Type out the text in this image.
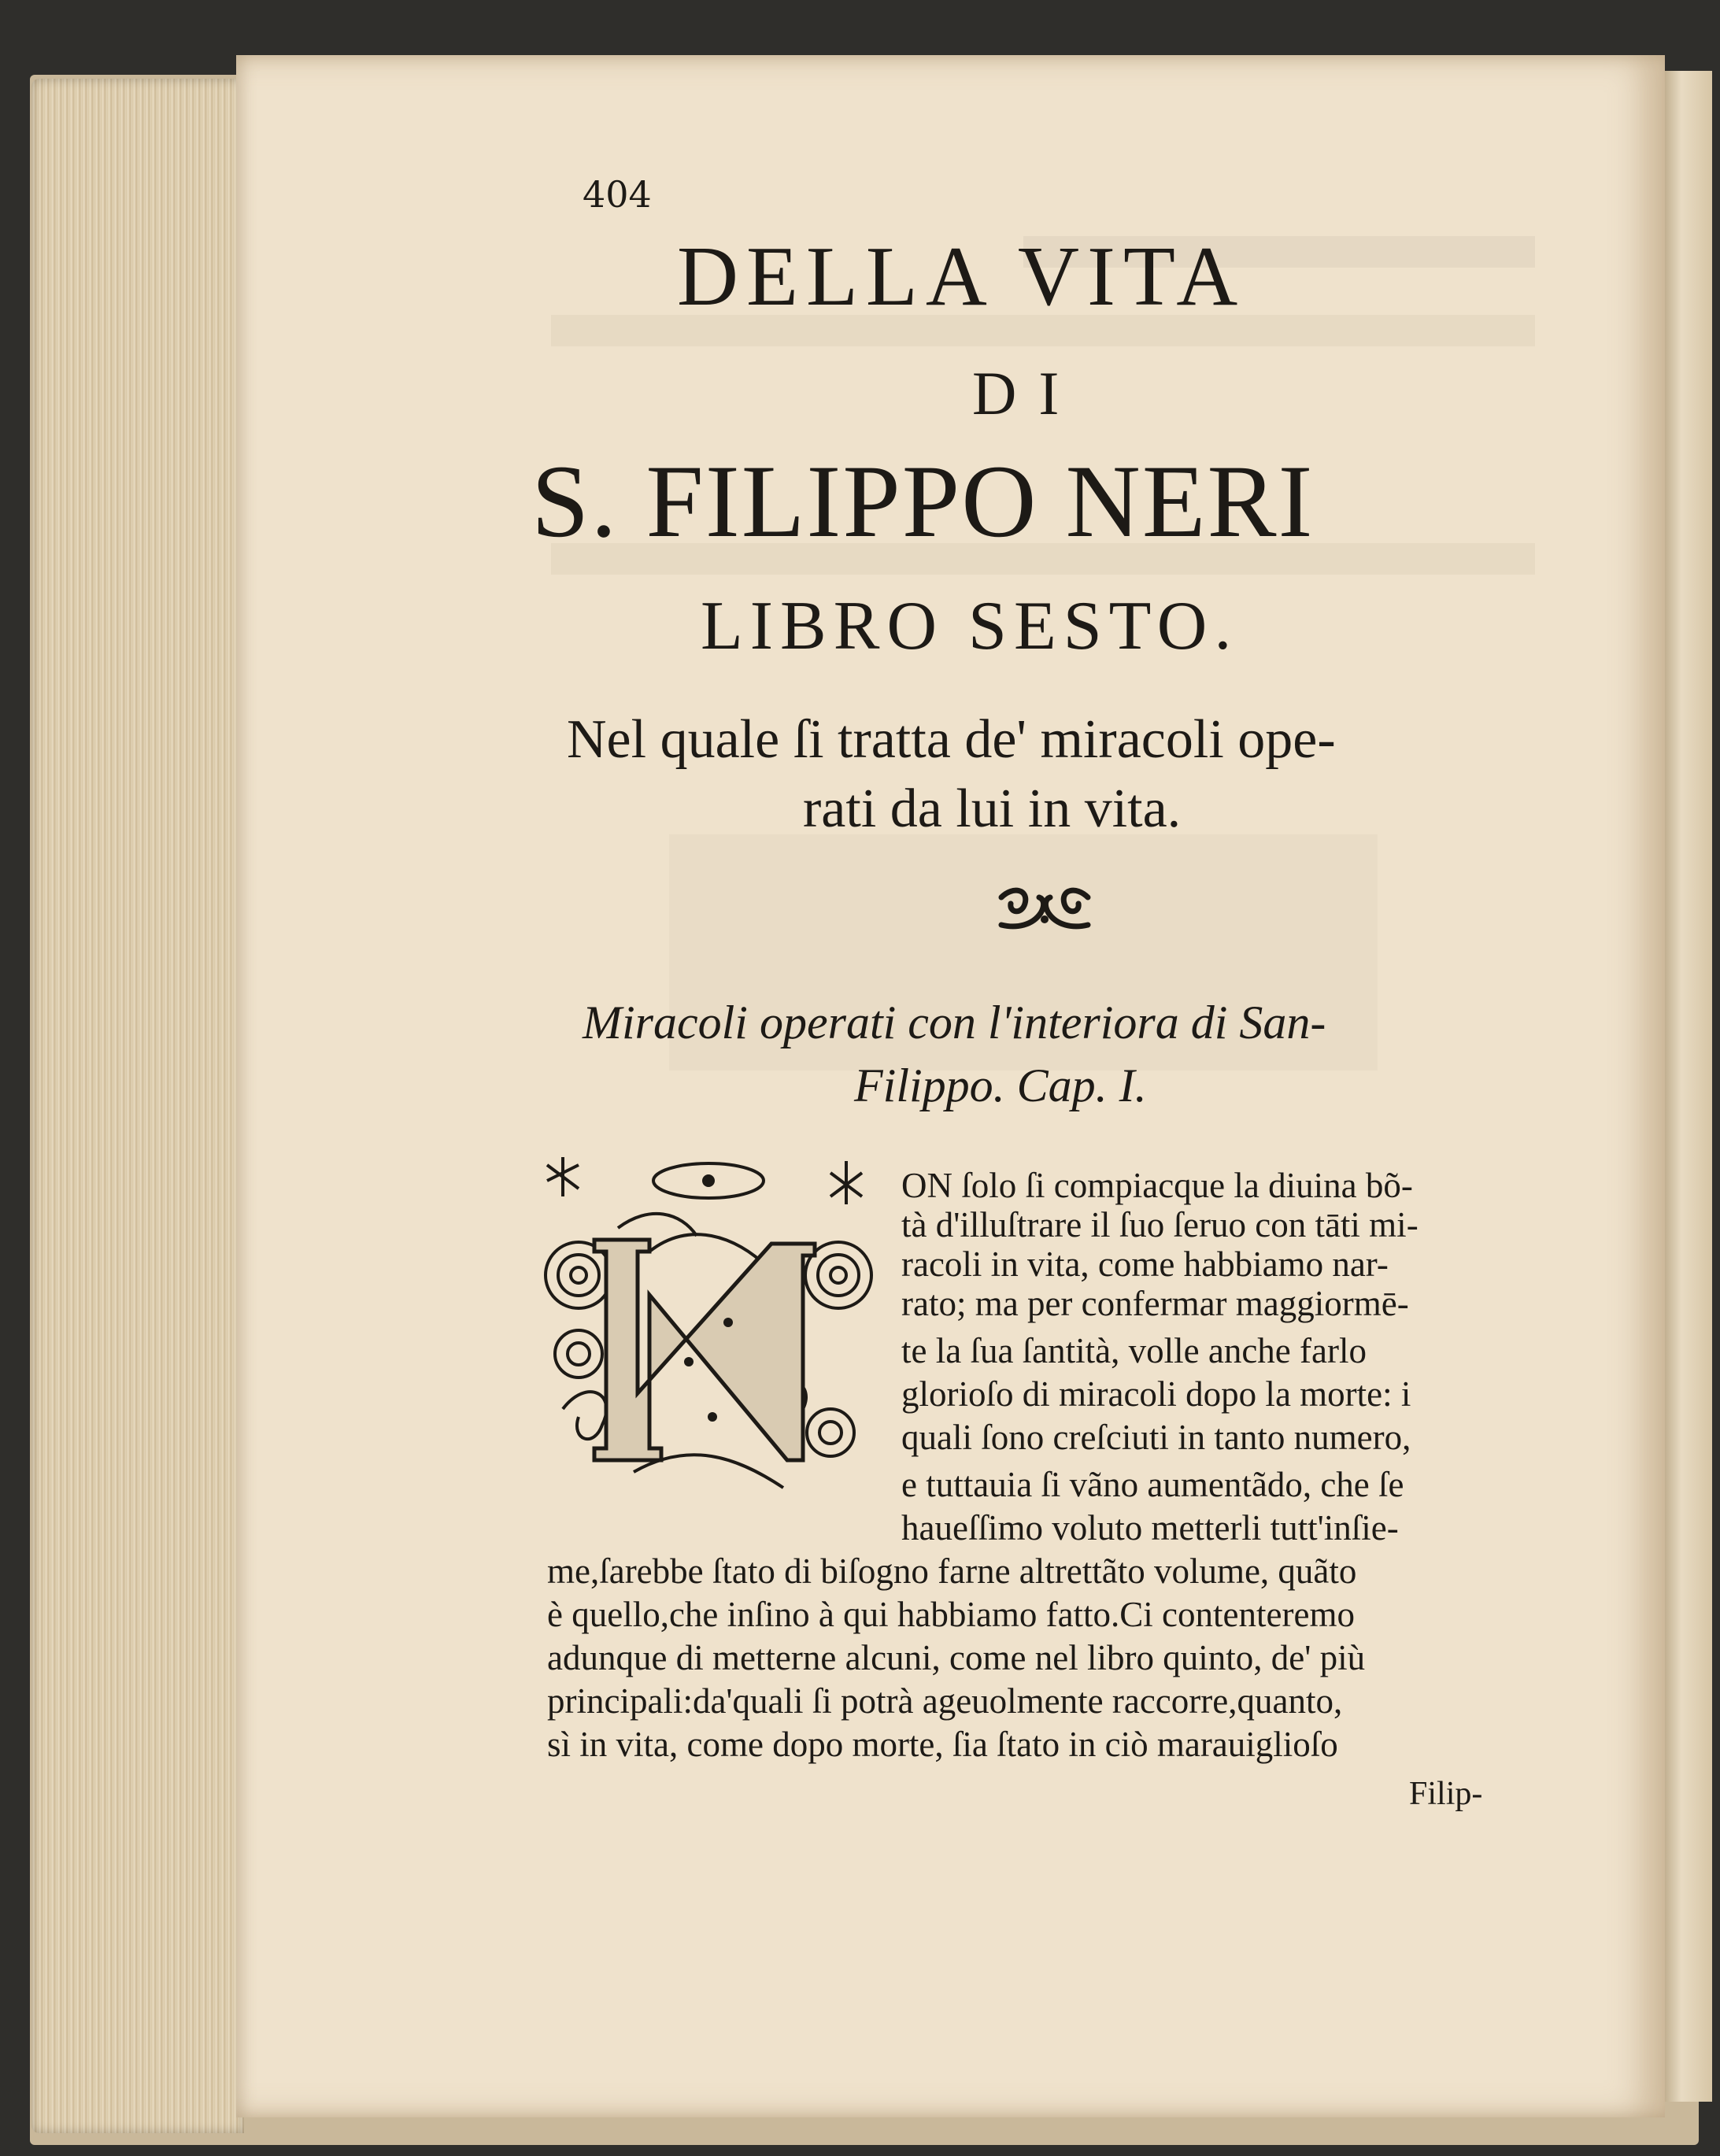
404
DELLA VITA
DI
S. FILIPPO NERI
LIBRO SESTO.
Nel quale ſi tratta de' miracoli ope-
rati da lui in vita.
Miracoli operati con l'interiora di San-
Filippo. Cap. I.
ON ſolo ſi compiacque la diuina bõ-
tà d'illuſtrare il ſuo ſeruo con tāti mi-
racoli in vita, come habbiamo nar-
rato; ma per confermar maggiormē-
te la ſua ſantità, volle anche farlo
glorioſo di miracoli dopo la morte: i
quali ſono creſciuti in tanto numero,
e tuttauia ſi vãno aumentãdo, che ſe
haueſſimo voluto metterli tutt'inſie-
me,ſarebbe ſtato di biſogno farne altrettãto volume, quãto
è quello,che inſino à qui habbiamo fatto.Ci contenteremo
adunque di metterne alcuni, come nel libro quinto, de' più
principali:da'quali ſi potrà ageuolmente raccorre,quanto,
sì in vita, come dopo morte, ſia ſtato in ciò marauiglioſo
Filip-
